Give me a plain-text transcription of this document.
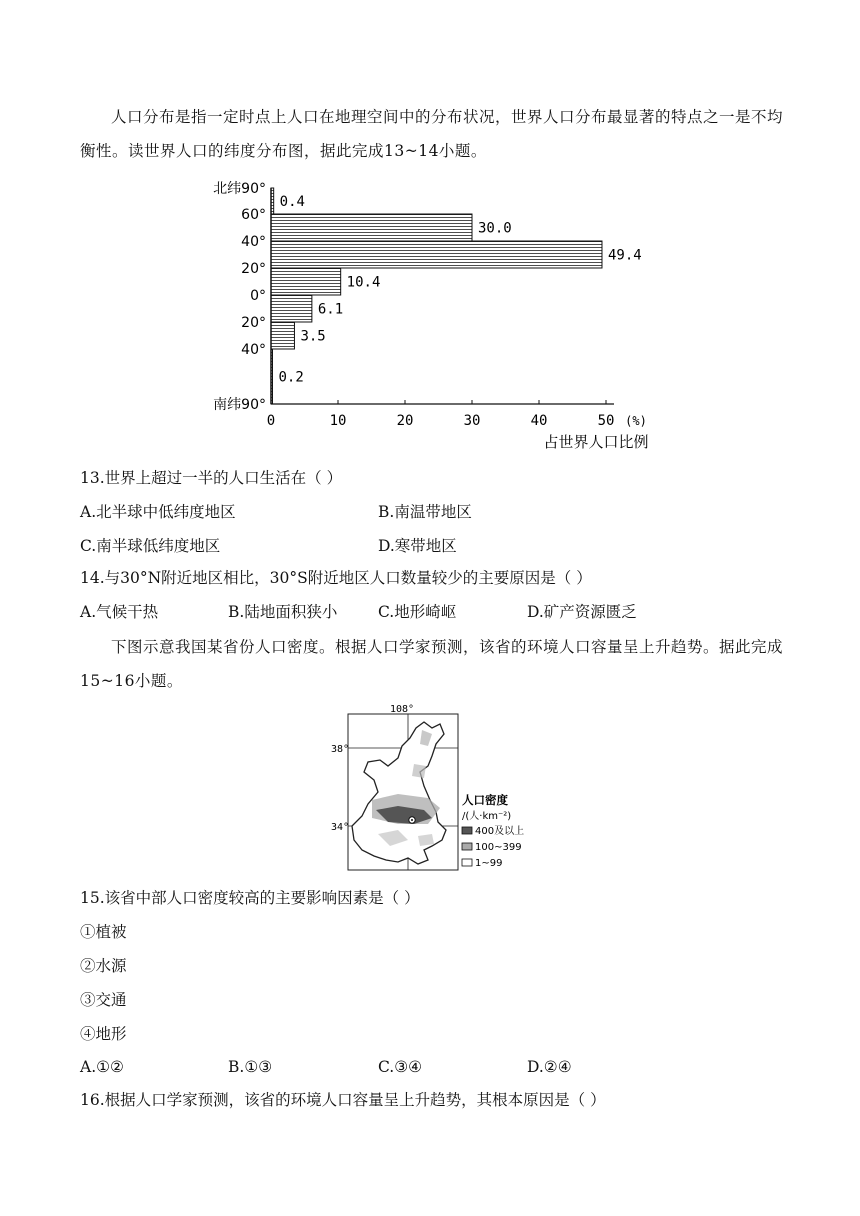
人口分布是指一定时点上人口在地理空间中的分布状况，世界人口分布最显著的特点之一是不均衡性。读世界人口的纬度分布图，据此完成13~14小题。

0.4
30.0
49.4
10.4
6.1
3.5
0.2
北纬90°
60°
40°
20°
0°
20°
40°
南纬90°
0	10	20	30	40	50 (%)
占世界人口比例

13.世界上超过一半的人口生活在（ ）

A.北半球中低纬度地区	B.南温带地区
C.南半球低纬度地区	D.寒带地区

14.与30°N附近地区相比，30°S附近地区人口数量较少的主要原因是（ ）

A.气候干热	B.陆地面积狭小	C.地形崎岖	D.矿产资源匮乏

下图示意我国某省份人口密度。根据人口学家预测，该省的环境人口容量呈上升趋势。据此完成15~16小题。

108°
38°
34°
人口密度
/(人·km⁻²)
400及以上
100~399
1~99

15.该省中部人口密度较高的主要影响因素是（ ）

①植被

②水源

③交通

④地形

A.①②	B.①③	C.③④	D.②④

16.根据人口学家预测，该省的环境人口容量呈上升趋势，其根本原因是（ ）
